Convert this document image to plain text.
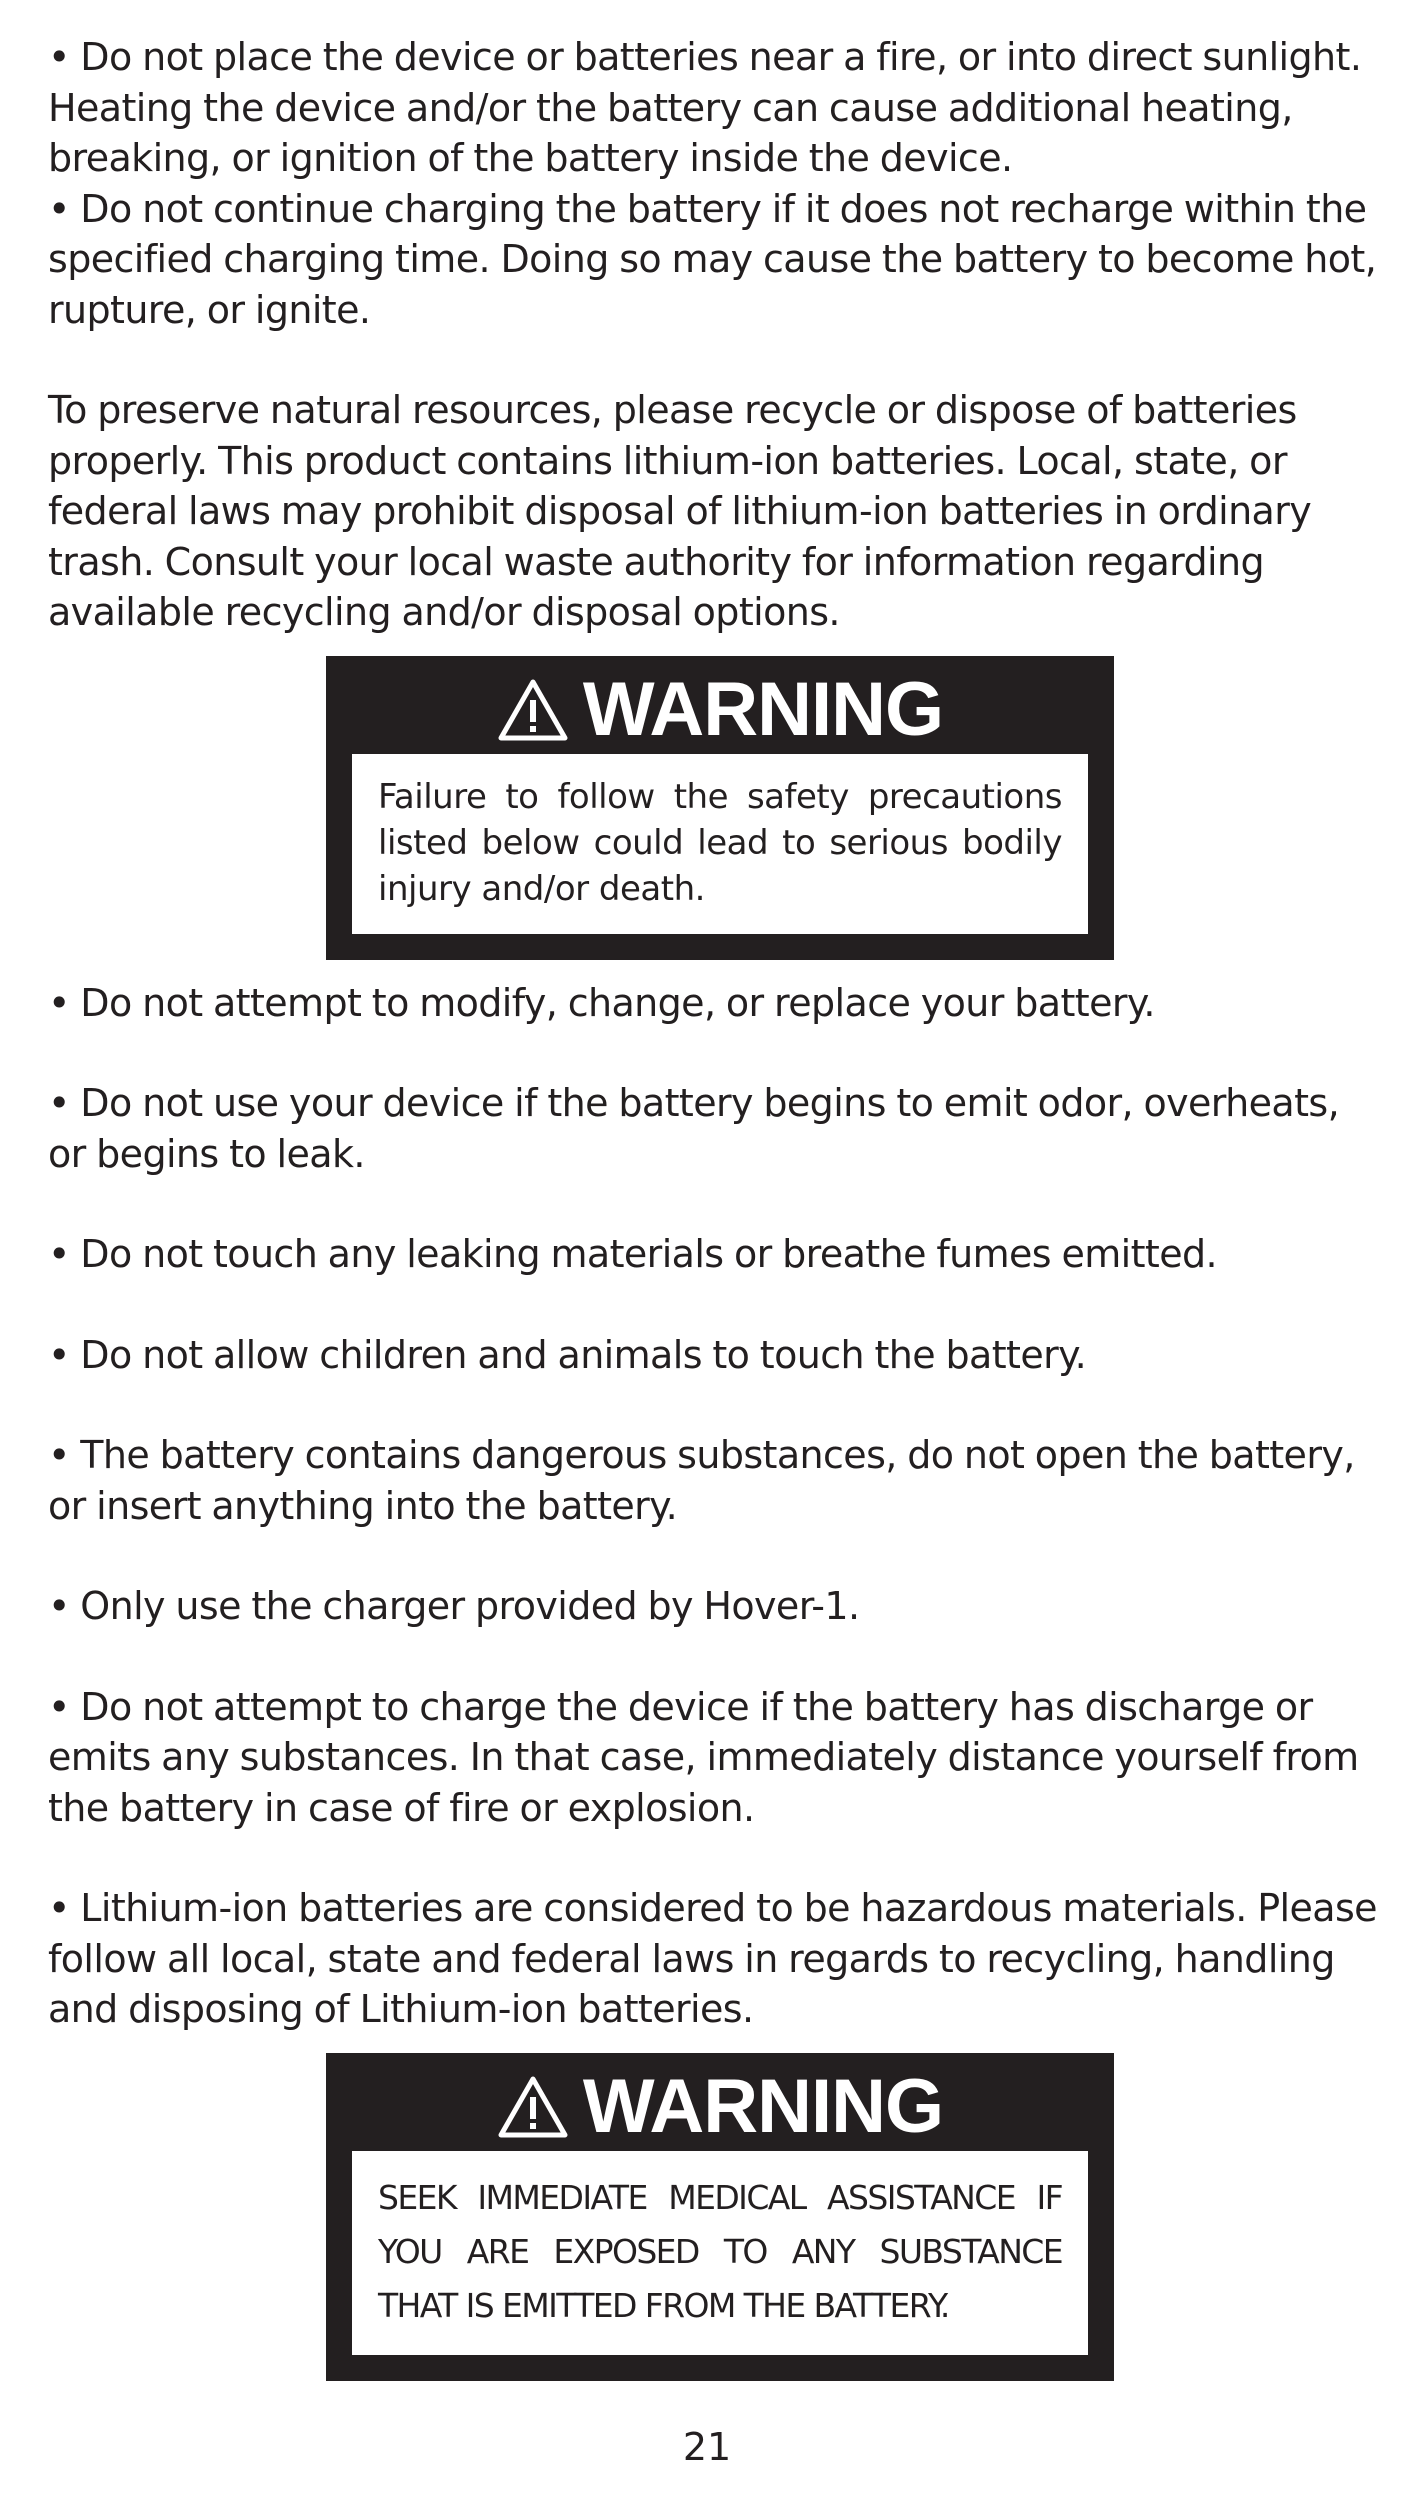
• Do not place the device or batteries near a fire, or into direct sunlight. Heating the device and/or the battery can cause additional heating, breaking, or ignition of the battery inside the device.

• Do not continue charging the battery if it does not recharge within the specified charging time. Doing so may cause the battery to become hot, rupture, or ignite.

To preserve natural resources, please recycle or dispose of batteries properly. This product contains lithium-ion batteries. Local, state, or federal laws may prohibit disposal of lithium-ion batteries in ordinary trash. Consult your local waste authority for information regarding available recycling and/or disposal options.

WARNING

Failure to follow the safety precautions listed below could lead to serious bodily injury and/or death.

• Do not attempt to modify, change, or replace your battery.

• Do not use your device if the battery begins to emit odor, overheats, or begins to leak.

• Do not touch any leaking materials or breathe fumes emitted.

• Do not allow children and animals to touch the battery.

• The battery contains dangerous substances, do not open the battery, or insert anything into the battery.

• Only use the charger provided by Hover-1.

• Do not attempt to charge the device if the battery has discharge or emits any substances. In that case, immediately distance yourself from the battery in case of fire or explosion.

• Lithium-ion batteries are considered to be hazardous materials. Please follow all local, state and federal laws in regards to recycling, handling and disposing of Lithium-ion batteries.

WARNING

SEEK IMMEDIATE MEDICAL ASSISTANCE IF YOU ARE EXPOSED TO ANY SUBSTANCE THAT IS EMITTED FROM THE BATTERY.

21
